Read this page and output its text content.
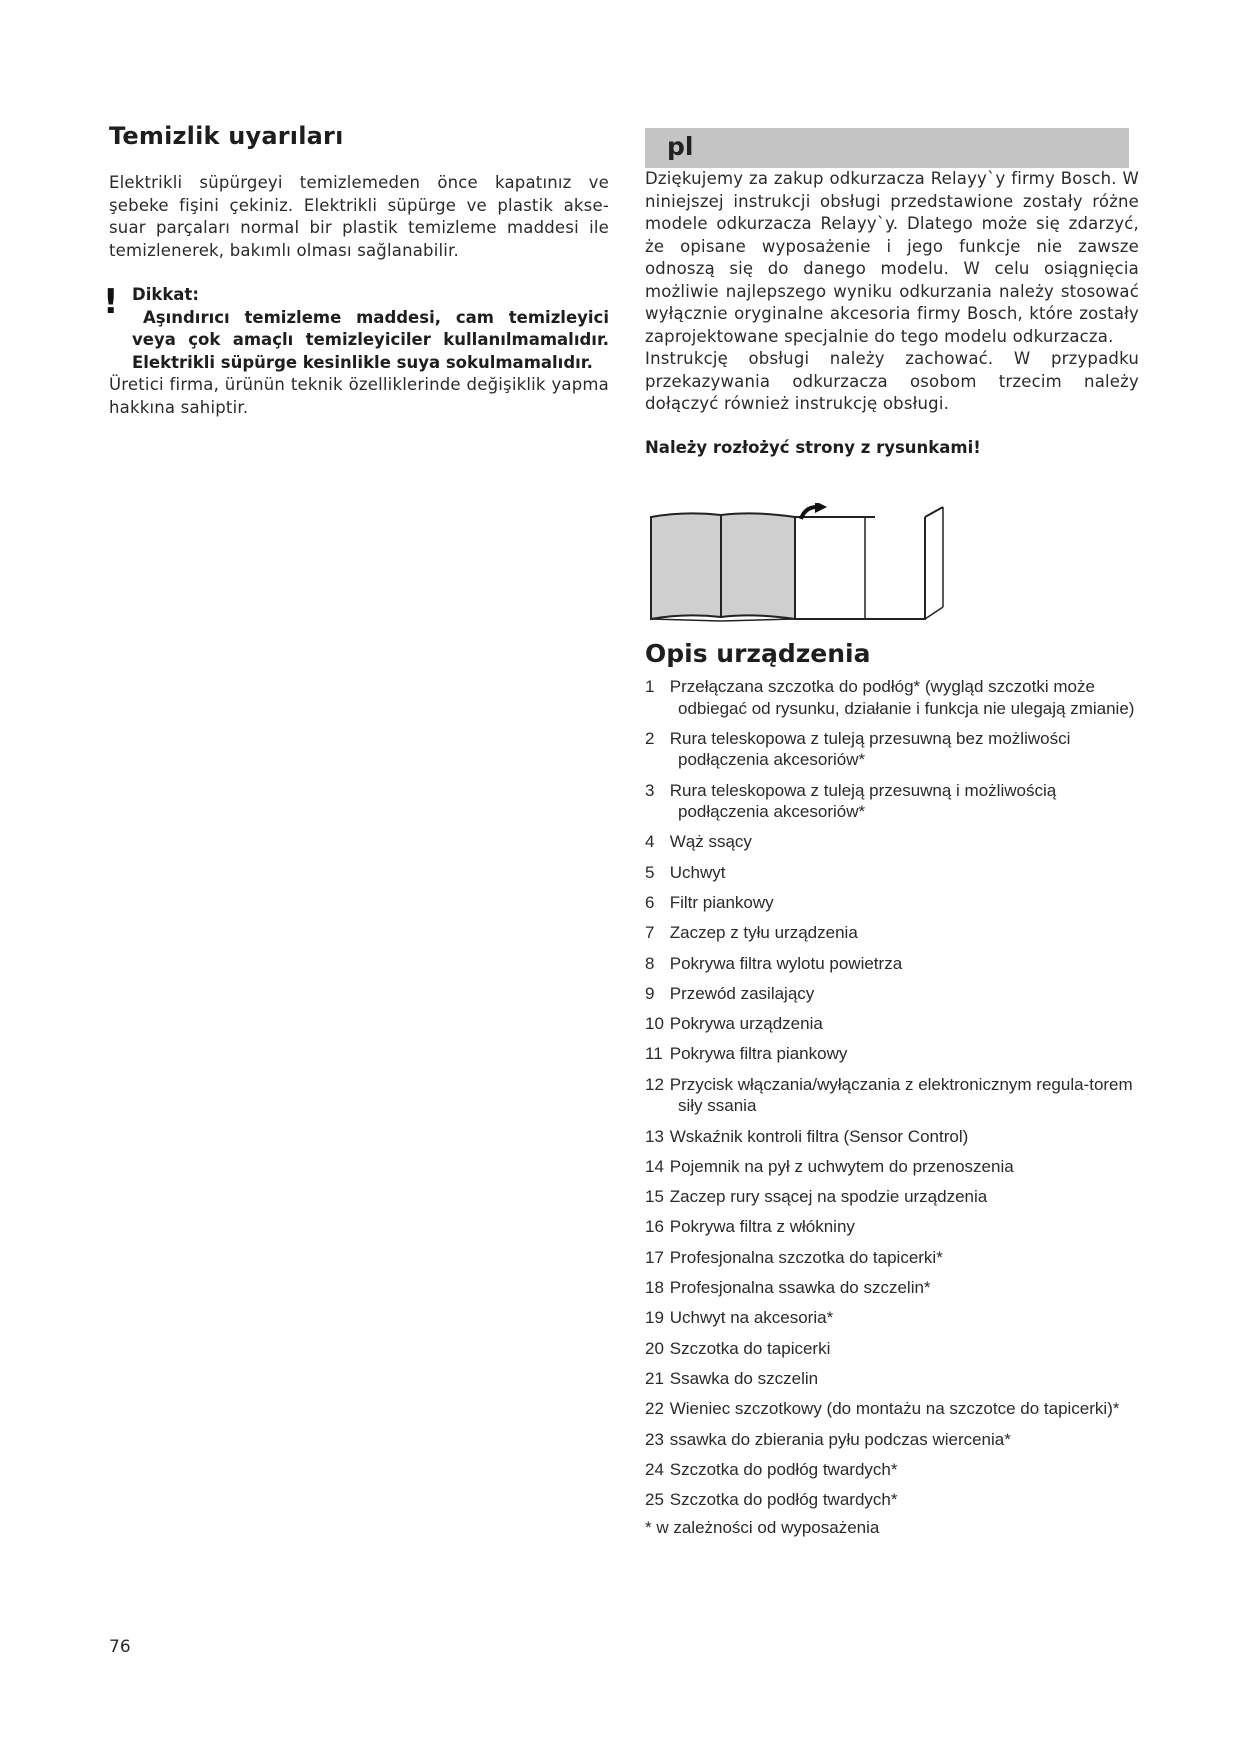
Temizlik uyarıları

Elektrikli süpürgeyi temizlemeden önce kapatınız ve şebeke fişini çekiniz. Elektrikli süpürge ve plastik akse-suar parçaları normal bir plastik temizleme maddesi ile temizlenerek, bakımlı olması sağlanabilir.

! Dikkat:

Aşındırıcı temizleme maddesi, cam temizleyici veya çok amaçlı temizleyiciler kullanılmamalıdır. Elektrikli süpürge kesinlikle suya sokulmamalıdır.

Üretici firma, ürünün teknik özelliklerinde değişiklik yapma hakkına sahiptir.

76
pl

Dziękujemy za zakup odkurzacza Relayy`y firmy Bosch. W niniejszej instrukcji obsługi przedstawione zostały różne modele odkurzacza Relayy`y. Dlatego może się zdarzyć, że opisane wyposażenie i jego funkcje nie zawsze odnoszą się do danego modelu. W celu osiągnięcia możliwie najlepszego wyniku odkurzania należy stosować wyłącznie oryginalne akcesoria firmy Bosch, które zostały zaprojektowane specjalnie do tego modelu odkurzacza.

Instrukcję obsługi należy zachować. W przypadku przekazywania odkurzacza osobom trzecim należy dołączyć również instrukcję obsługi.

Należy rozłożyć strony z rysunkami!

Opis urządzenia
1 Przełączana szczotka do podłóg* (wygląd szczotki może odbiegać od rysunku, działanie i funkcja nie ulegają zmianie)
2 Rura teleskopowa z tuleją przesuwną bez możliwości podłączenia akcesoriów*
3 Rura teleskopowa z tuleją przesuwną i możliwością podłączenia akcesoriów*
4 Wąż ssący
5 Uchwyt
6 Filtr piankowy
7 Zaczep z tyłu urządzenia
8 Pokrywa filtra wylotu powietrza
9 Przewód zasilający
10 Pokrywa urządzenia
11 Pokrywa filtra piankowy
12 Przycisk włączania/wyłączania z elektronicznym regula-torem siły ssania
13 Wskaźnik kontroli filtra (Sensor Control)
14 Pojemnik na pył z uchwytem do przenoszenia
15 Zaczep rury ssącej na spodzie urządzenia
16 Pokrywa filtra z włókniny
17 Profesjonalna szczotka do tapicerki*
18 Profesjonalna ssawka do szczelin*
19 Uchwyt na akcesoria*
20 Szczotka do tapicerki
21 Ssawka do szczelin
22 Wieniec szczotkowy (do montażu na szczotce do tapicerki)*
23 ssawka do zbierania pyłu podczas wiercenia*
24 Szczotka do podłóg twardych*
25 Szczotka do podłóg twardych*
* w zależności od wyposażenia
